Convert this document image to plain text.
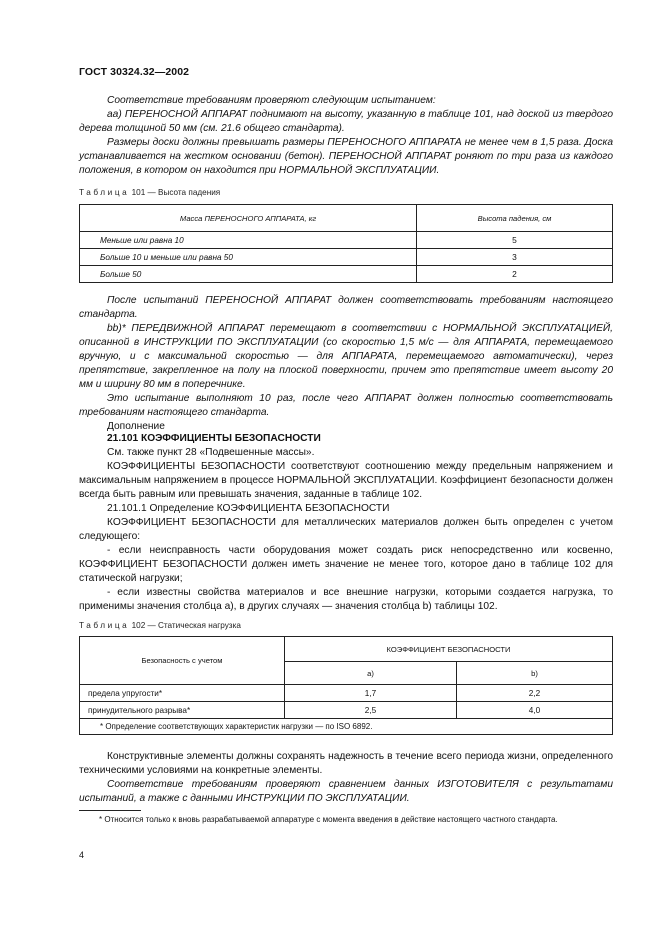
ГОСТ 30324.32—2002

Соответствие требованиям проверяют следующим испытанием:

аа) ПЕРЕНОСНОЙ АППАРАТ поднимают на высоту, указанную в таблице 101, над доской из твердого дерева толщиной 50 мм (см. 21.6 общего стандарта).

Размеры доски должны превышать размеры ПЕРЕНОСНОГО АППАРАТА не менее чем в 1,5 раза. Доска устанавливается на жестком основании (бетон). ПЕРЕНОСНОЙ АППАРАТ роняют по три раза из каждого положения, в котором он находится при НОРМАЛЬНОЙ ЭКСПЛУАТАЦИИ.

Таблица 101 — Высота падения
Масса ПЕРЕНОСНОГО АППАРАТА, кг	Высота падения, см
Меньше или равна 10	5
Больше 10 и меньше или равна 50	3
Больше 50	2

После испытаний ПЕРЕНОСНОЙ АППАРАТ должен соответствовать требованиям настоящего стандарта.

bb)* ПЕРЕДВИЖНОЙ АППАРАТ перемещают в соответствии с НОРМАЛЬНОЙ ЭКСПЛУАТАЦИЕЙ, описанной в ИНСТРУКЦИИ ПО ЭКСПЛУАТАЦИИ (со скоростью 1,5 м/с — для АППАРАТА, перемещаемого вручную, и с максимальной скоростью — для АППАРАТА, перемещаемого автоматически), через препятствие, закрепленное на полу на плоской поверхности, причем это препятствие имеет высоту 20 мм и ширину 80 мм в поперечнике.

Это испытание выполняют 10 раз, после чего АППАРАТ должен полностью соответствовать требованиям настоящего стандарта.

Дополнение

21.101 КОЭФФИЦИЕНТЫ БЕЗОПАСНОСТИ

См. также пункт 28 «Подвешенные массы».

КОЭФФИЦИЕНТЫ БЕЗОПАСНОСТИ соответствуют соотношению между предельным напряжением и максимальным напряжением в процессе НОРМАЛЬНОЙ ЭКСПЛУАТАЦИИ. Коэффициент безопасности должен всегда быть равным или превышать значения, заданные в таблице 102.

21.101.1 Определение КОЭФФИЦИЕНТА БЕЗОПАСНОСТИ

КОЭФФИЦИЕНТ БЕЗОПАСНОСТИ для металлических материалов должен быть определен с учетом следующего:

- если неисправность части оборудования может создать риск непосредственно или косвенно, КОЭФФИЦИЕНТ БЕЗОПАСНОСТИ должен иметь значение не менее того, которое дано в таблице 102 для статической нагрузки;

- если известны свойства материалов и все внешние нагрузки, которыми создается нагрузка, то применимы значения столбца а), в других случаях — значения столбца b) таблицы 102.

Таблица 102 — Статическая нагрузка
Безопасность с учетом	КОЭФФИЦИЕНТ БЕЗОПАСНОСТИ	
	а)	b)
предела упругости*	1,7	2,2
принудительного разрыва*	2,5	4,0
* Определение соответствующих характеристик нагрузки — по ISO 6892.		

Конструктивные элементы должны сохранять надежность в течение всего периода жизни, определенного техническими условиями на конкретные элементы.

Соответствие требованиям проверяют сравнением данных ИЗГОТОВИТЕЛЯ с результатами испытаний, а также с данными ИНСТРУКЦИИ ПО ЭКСПЛУАТАЦИИ.

* Относится только к вновь разрабатываемой аппаратуре с момента введения в действие настоящего частного стандарта.
4
